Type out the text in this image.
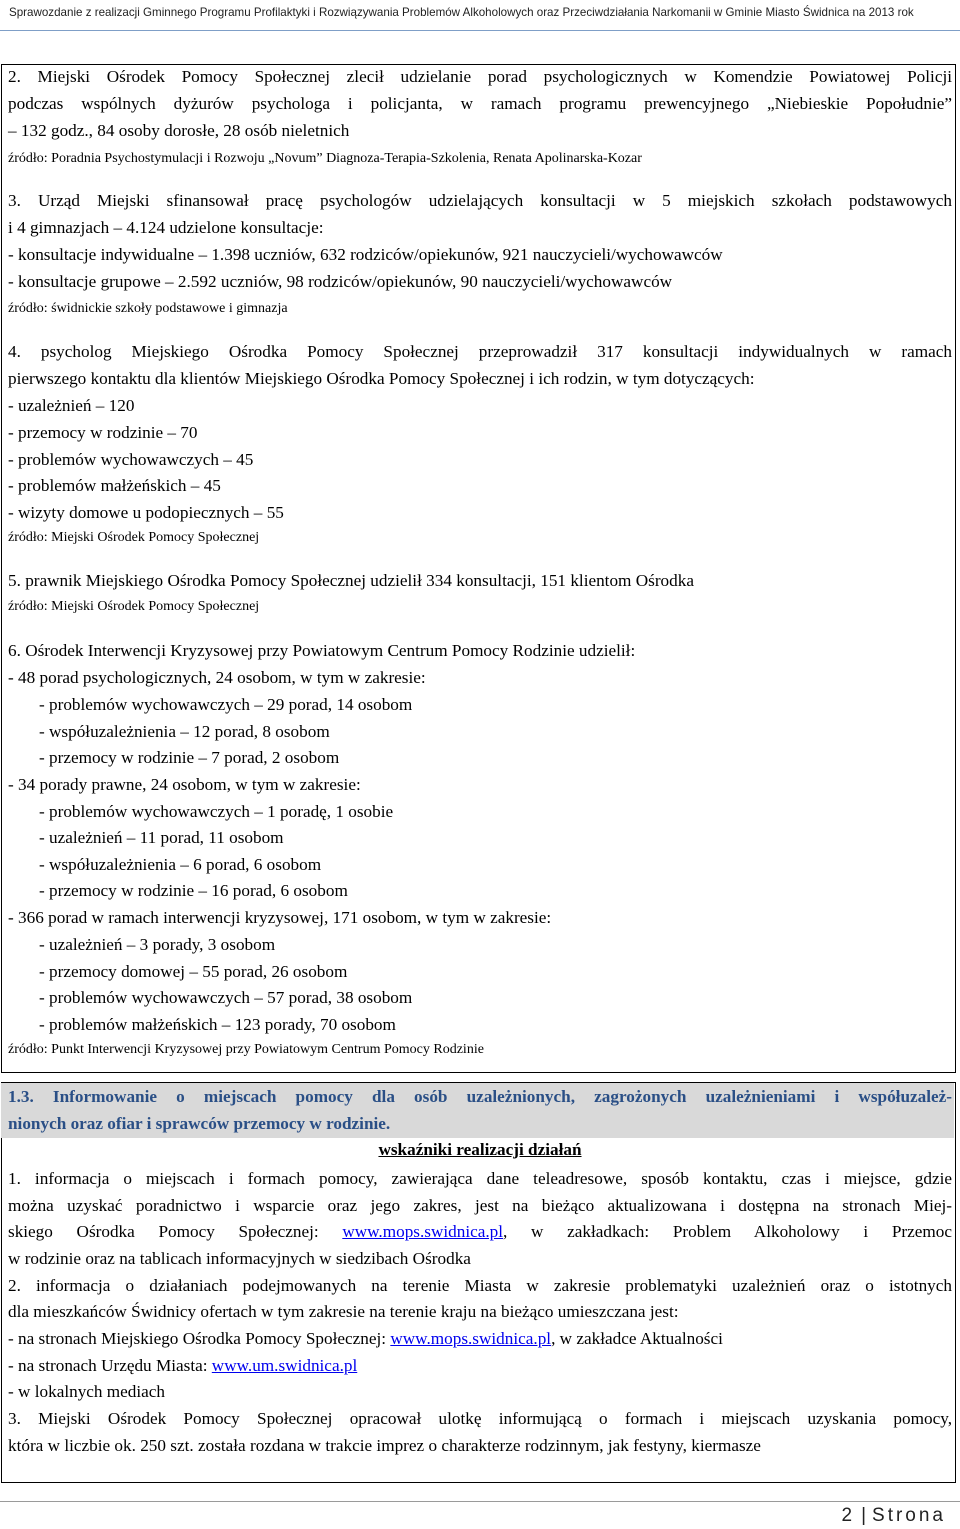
Sprawozdanie z realizacji Gminnego Programu Profilaktyki i Rozwiązywania Problemów Alkoholowych oraz Przeciwdziałania Narkomanii w Gminie Miasto Świdnica na 2013 rok
2. Miejski Ośrodek Pomocy Społecznej zlecił udzielanie porad psychologicznych w Komendzie Powiatowej Policji
podczas wspólnych dyżurów psychologa i policjanta, w ramach programu prewencyjnego „Niebieskie Popołudnie”
– 132 godz., 84 osoby dorosłe, 28 osób nieletnich
źródło: Poradnia Psychostymulacji i Rozwoju „Novum” Diagnoza-Terapia-Szkolenia, Renata Apolinarska-Kozar
3. Urząd Miejski sfinansował pracę psychologów udzielających konsultacji w 5 miejskich szkołach podstawowych
i 4 gimnazjach – 4.124 udzielone konsultacje:
- konsultacje indywidualne – 1.398 uczniów, 632 rodziców/opiekunów, 921 nauczycieli/wychowawców
- konsultacje grupowe – 2.592 uczniów, 98 rodziców/opiekunów, 90 nauczycieli/wychowawców
źródło: świdnickie szkoły podstawowe i gimnazja
4. psycholog Miejskiego Ośrodka Pomocy Społecznej przeprowadził 317 konsultacji indywidualnych w ramach
pierwszego kontaktu dla klientów Miejskiego Ośrodka Pomocy Społecznej i ich rodzin, w tym dotyczących:
- uzależnień – 120
- przemocy w rodzinie – 70
- problemów wychowawczych – 45
- problemów małżeńskich – 45
- wizyty domowe u podopiecznych – 55
źródło: Miejski Ośrodek Pomocy Społecznej
5. prawnik Miejskiego Ośrodka Pomocy Społecznej udzielił 334 konsultacji, 151 klientom Ośrodka
źródło: Miejski Ośrodek Pomocy Społecznej
6. Ośrodek Interwencji Kryzysowej przy Powiatowym Centrum Pomocy Rodzinie udzielił:
- 48 porad psychologicznych, 24 osobom, w tym w zakresie:
- problemów wychowawczych – 29 porad, 14 osobom
- współuzależnienia – 12 porad, 8 osobom
- przemocy w rodzinie – 7 porad, 2 osobom
- 34 porady prawne, 24 osobom, w tym w zakresie:
- problemów wychowawczych – 1 poradę, 1 osobie
- uzależnień – 11 porad, 11 osobom
- współuzależnienia – 6 porad, 6 osobom
- przemocy w rodzinie – 16 porad, 6 osobom
- 366 porad w ramach interwencji kryzysowej, 171 osobom, w tym w zakresie:
- uzależnień – 3 porady, 3 osobom
- przemocy domowej – 55 porad, 26 osobom
- problemów wychowawczych – 57 porad, 38 osobom
- problemów małżeńskich – 123 porady, 70 osobom
źródło: Punkt Interwencji Kryzysowej przy Powiatowym Centrum Pomocy Rodzinie
1.3. Informowanie o miejscach pomocy dla osób uzależnionych, zagrożonych uzależnieniami i współuzależ-
nionych oraz ofiar i sprawców przemocy w rodzinie.
wskaźniki realizacji działań
1. informacja o miejscach i formach pomocy, zawierająca dane teleadresowe, sposób kontaktu, czas i miejsce, gdzie
można uzyskać poradnictwo i wsparcie oraz jego zakres, jest na bieżąco aktualizowana i dostępna na stronach Miej-
skiego Ośrodka Pomocy Społecznej: www.mops.swidnica.pl, w zakładkach: Problem Alkoholowy i Przemoc
w rodzinie oraz na tablicach informacyjnych w siedzibach Ośrodka
2. informacja o działaniach podejmowanych na terenie Miasta w zakresie problematyki uzależnień oraz o istotnych
dla mieszkańców Świdnicy ofertach w tym zakresie na terenie kraju na bieżąco umieszczana jest:
- na stronach Miejskiego Ośrodka Pomocy Społecznej: www.mops.swidnica.pl, w zakładce Aktualności
- na stronach Urzędu Miasta: www.um.swidnica.pl
- w lokalnych mediach
3. Miejski Ośrodek Pomocy Społecznej opracował ulotkę informującą o formach i miejscach uzyskania pomocy,
która w liczbie ok. 250 szt. została rozdana w trakcie imprez o charakterze rodzinnym, jak festyny, kiermasze
2 | Strona
